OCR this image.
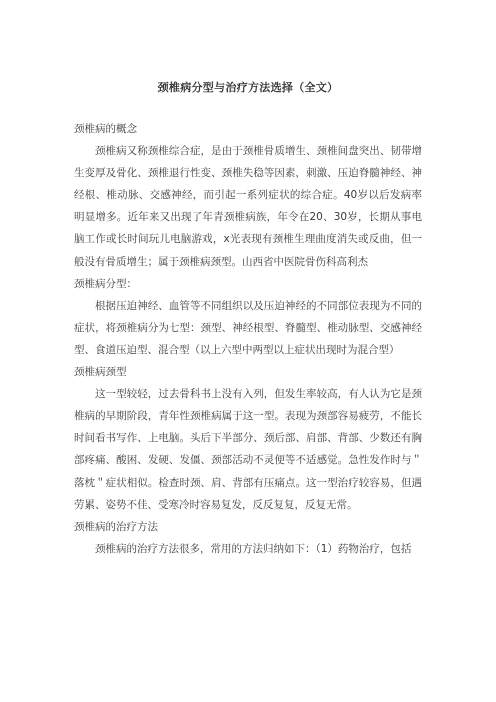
颈椎病分型与治疗方法选择（全文）

颈椎病的概念

颈椎病又称颈椎综合症，是由于颈椎骨质增生、颈椎间盘突出、韧带增生变厚及骨化、颈椎退行性变、颈椎失稳等因素，刺激、压迫脊髓神经、神经根、椎动脉、交感神经，而引起一系列症状的综合症。40岁以后发病率明显增多。近年来又出现了年青颈椎病族，年令在20、30岁，长期从事电脑工作或长时间玩儿电脑游戏，x光表现有颈椎生理曲度消失或反曲，但一般没有骨质增生；属于颈椎病颈型。山西省中医院骨伤科高利杰

颈椎病分型：

根据压迫神经、血管等不同组织以及压迫神经的不同部位表现为不同的症状，将颈椎病分为七型：颈型、神经根型、脊髓型、椎动脉型、交感神经型、食道压迫型、混合型（以上六型中两型以上症状出现时为混合型）

颈椎病颈型

这一型较轻，过去骨科书上没有入列，但发生率较高，有人认为它是颈椎病的早期阶段，青年性颈椎病属于这一型。表现为颈部容易疲劳，不能长时间看书写作、上电脑。头后下半部分、颈后部、肩部、背部、少数还有胸部疼痛、酸困、发硬、发僵、颈部活动不灵便等不适感觉。急性发作时与＂落枕＂症状相似。检查时颈、肩、背部有压痛点。这一型治疗较容易，但遇劳累、姿势不佳、受寒冷时容易复发，反反复复，反复无常。

颈椎病的治疗方法

颈椎病的治疗方法很多，常用的方法归纳如下：（1）药物治疗，包括
